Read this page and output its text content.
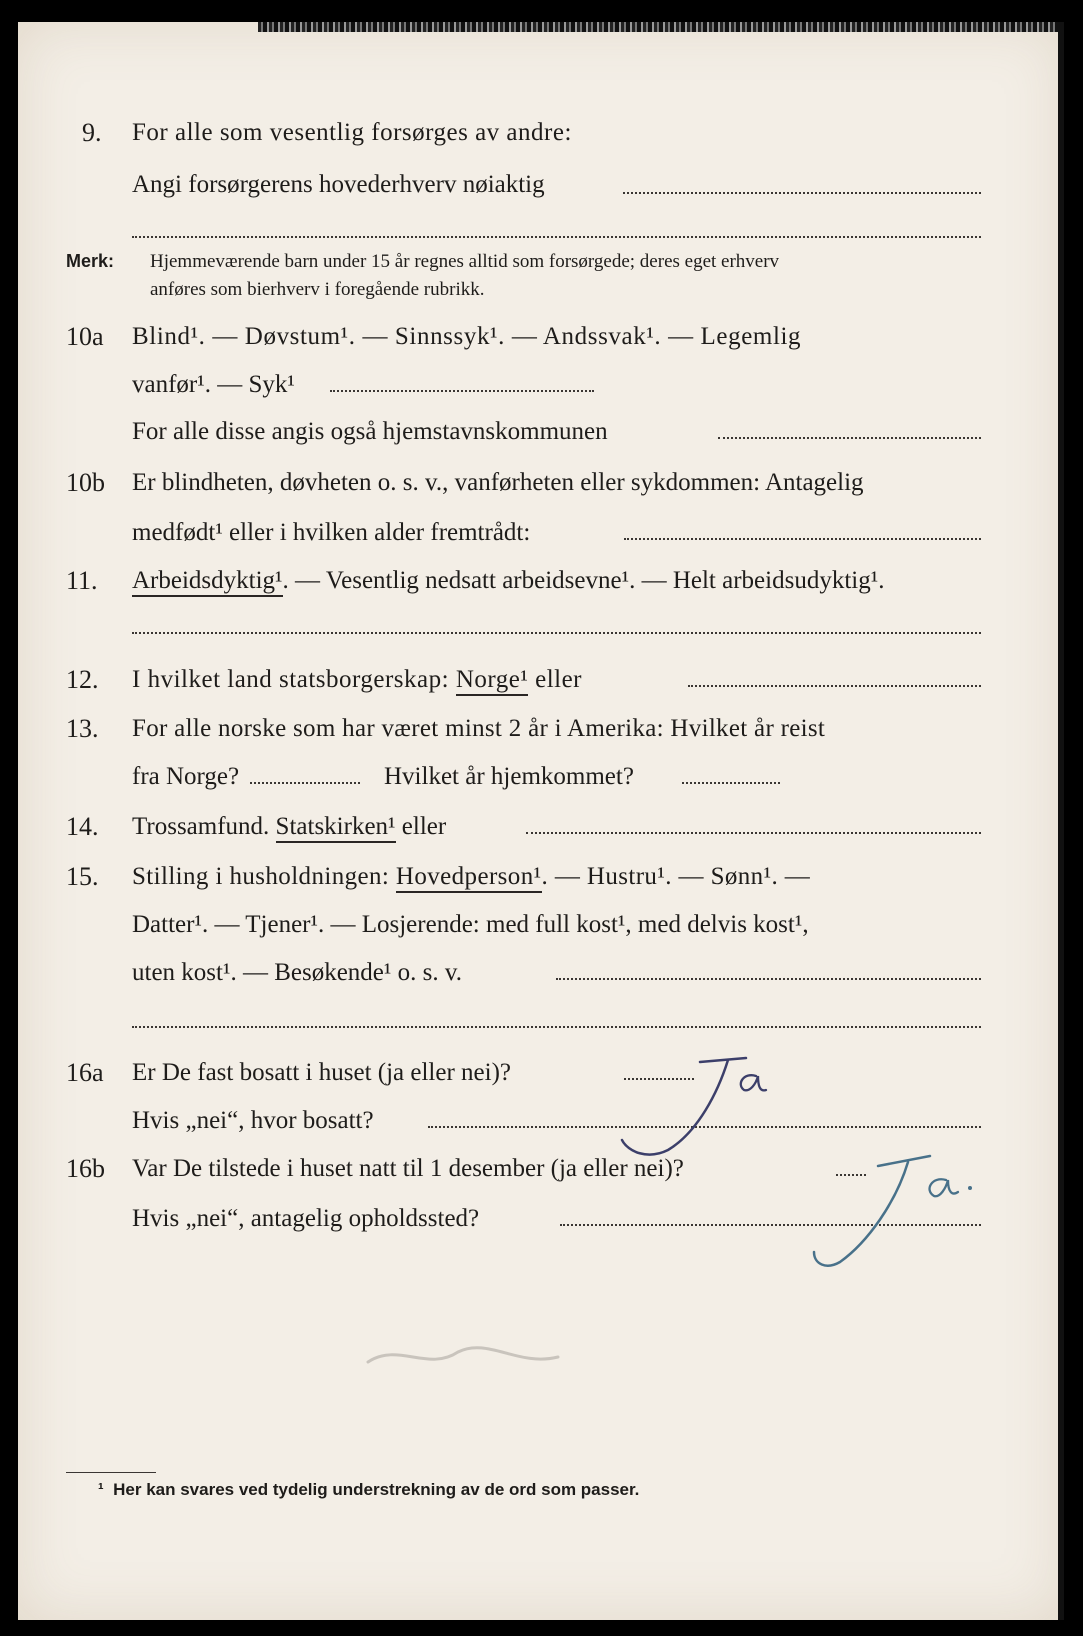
9. For alle som vesentlig forsørges av andre:
Angi forsørgerens hovederhverv nøiaktig
Merk: Hjemmeværende barn under 15 år regnes alltid som forsørgede; deres eget erhverv
anføres som bierhverv i foregående rubrikk.
10a Blind¹. — Døvstum¹. — Sinnssyk¹. — Andssvak¹. — Legemlig
vanfør¹. — Syk¹
For alle disse angis også hjemstavnskommunen
10b Er blindheten, døvheten o. s. v., vanførheten eller sykdommen: Antagelig
medfødt¹ eller i hvilken alder fremtrådt:
11. Arbeidsdyktig¹. — Vesentlig nedsatt arbeidsevne¹. — Helt arbeidsudyktig¹.
12. I hvilket land statsborgerskap: Norge¹ eller
13. For alle norske som har været minst 2 år i Amerika: Hvilket år reist
fra Norge?	Hvilket år hjemkommet?
14. Trossamfund. Statskirken¹ eller
15. Stilling i husholdningen: Hovedperson¹. — Hustru¹. — Sønn¹. —
Datter¹. — Tjener¹. — Losjerende: med full kost¹, med delvis kost¹,
uten kost¹. — Besøkende¹ o. s. v.
16a Er De fast bosatt i huset (ja eller nei)?
Hvis „nei“, hvor bosatt?
16b Var De tilstede i huset natt til 1 desember (ja eller nei)?
Hvis „nei“, antagelig opholdssted?
¹ Her kan svares ved tydelig understrekning av de ord som passer.
